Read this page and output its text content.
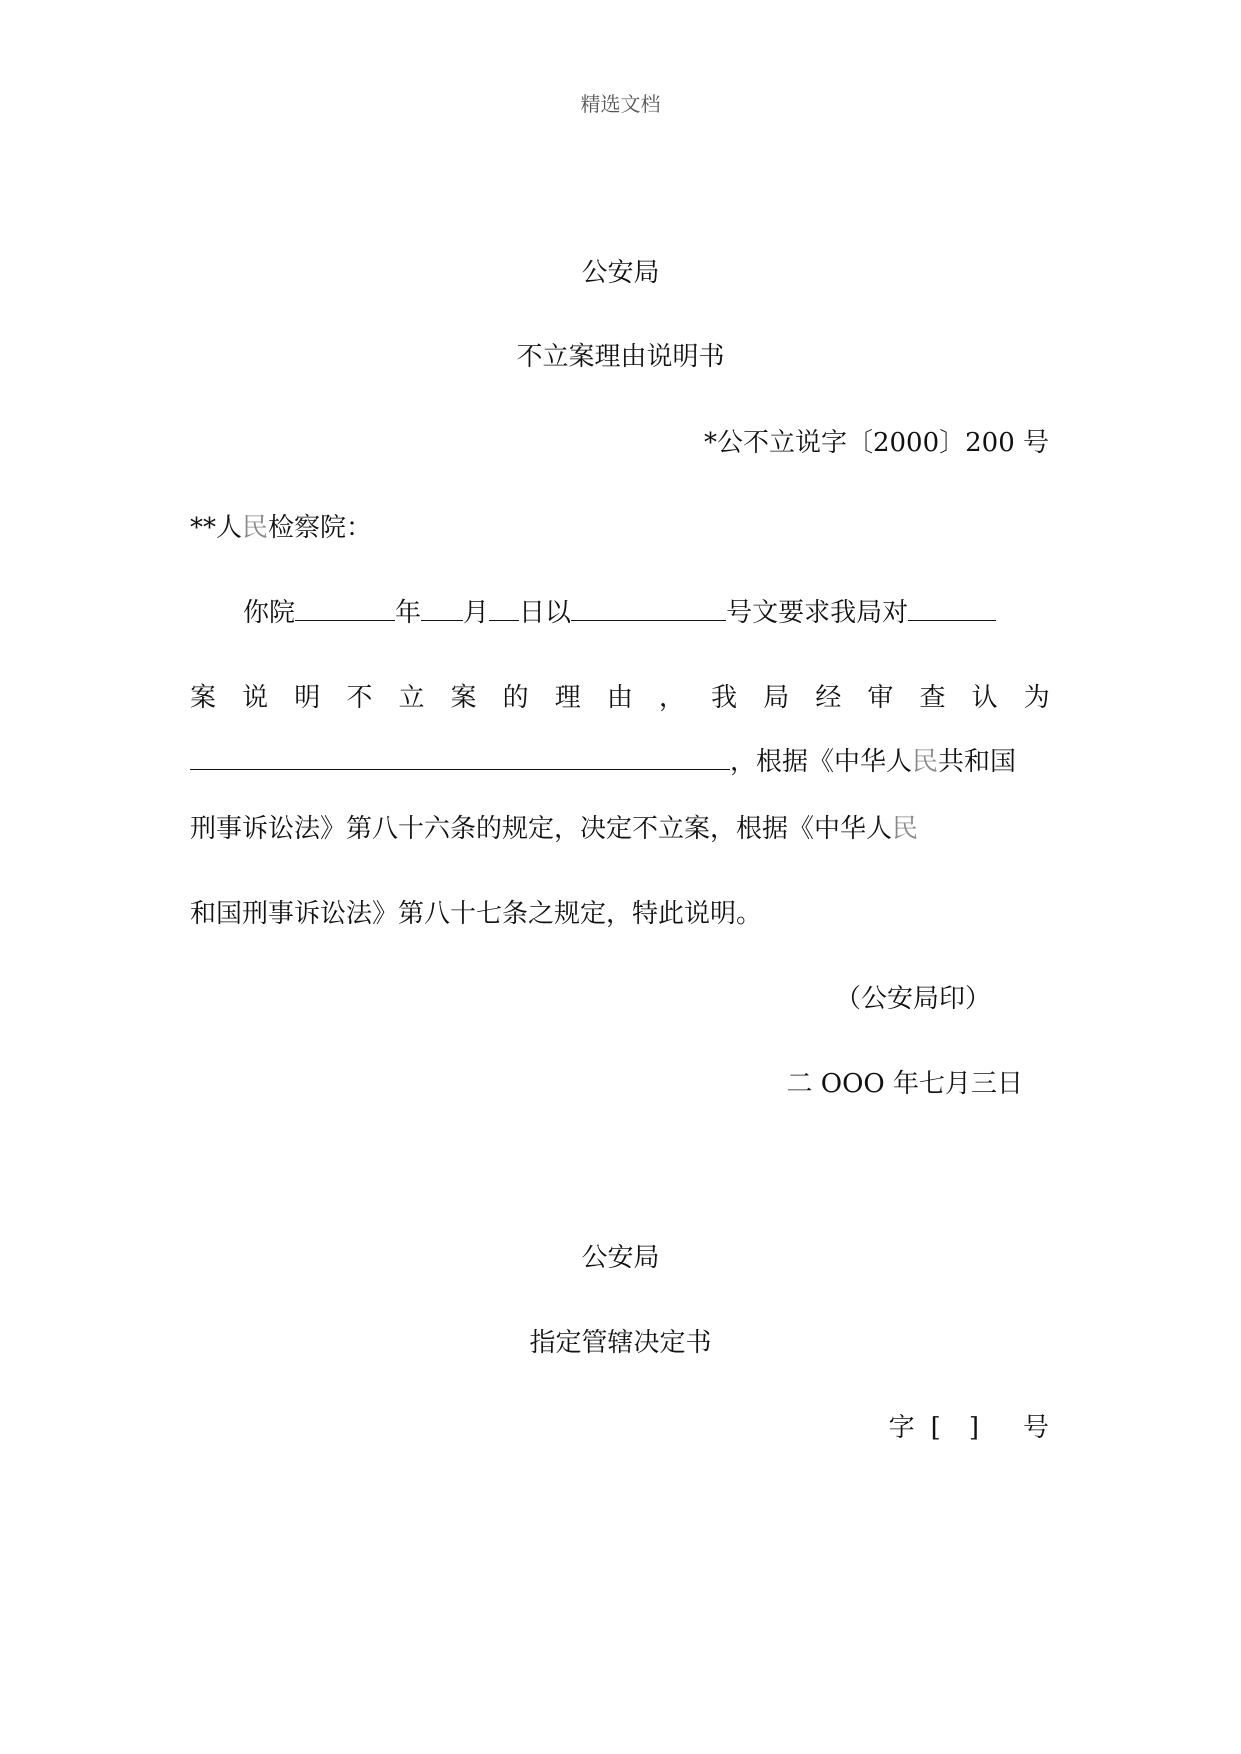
精选文档
公安局
不立案理由说明书
*公不立说字〔2000〕200 号
**人民检察院：
你院	年 月 日以	号文要求我局对
案 说 明 不 立 案 的 理 由 ， 我 局 经 审 查 认 为
，根据《中华人民共和国
刑事诉讼法》第八十六条的规定，决定不立案，根据《中华人民
和国刑事诉讼法》第八十七条之规定，特此说明。
（公安局印）
二 OOO 年七月三日
公安局
指定管辖决定书
字 [ ] 号
